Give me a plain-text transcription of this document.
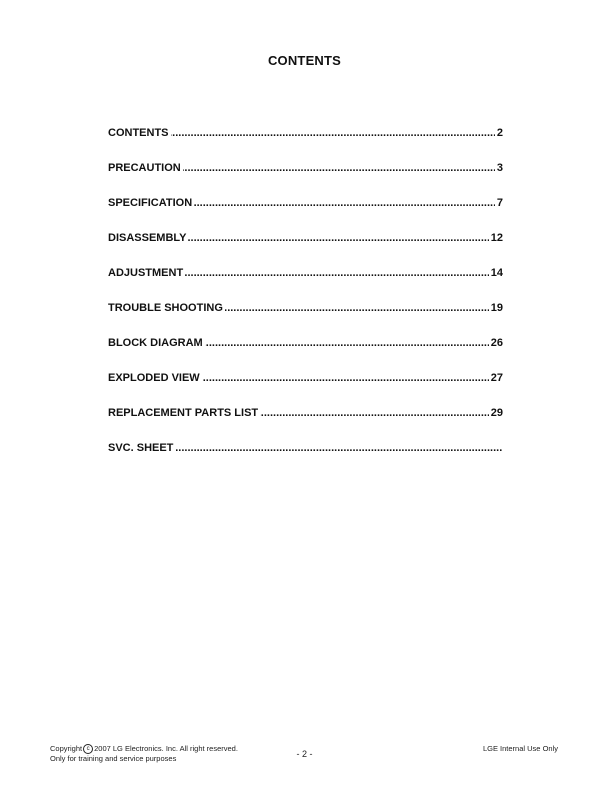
CONTENTS
CONTENTS	2
.....
PRECAUTION	3
.....
SPECIFICATION	7
.....
DISASSEMBLY	12
.....
ADJUSTMENT	14
.....
TROUBLE SHOOTING	19
.....
BLOCK DIAGRAM	26
.....
EXPLODED VIEW	27
.....
REPLACEMENT PARTS LIST	29
.....
SVC. SHEET
.....
Copyright c 2007 LG Electronics. Inc. All right reserved.
Only for training and service purposes	- 2 -
LGE Internal Use Only
